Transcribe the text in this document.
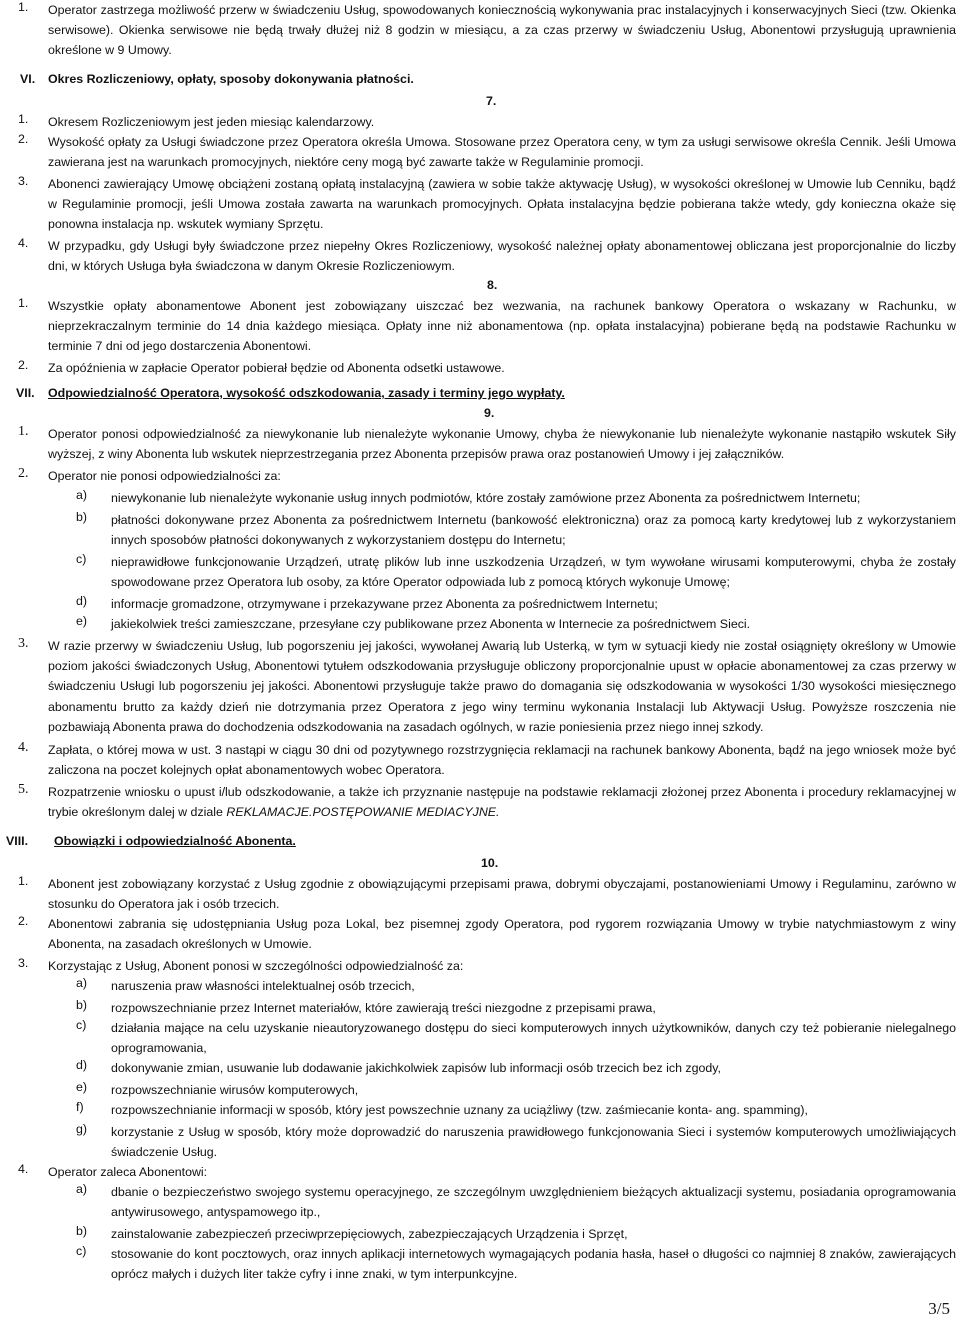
1.	Operator zastrzega możliwość przerw w świadczeniu Usług, spowodowanych koniecznością wykonywania prac instalacyjnych i konserwacyjnych Sieci (tzw. Okienka serwisowe). Okienka serwisowe nie będą trwały dłużej niż 8 godzin w miesiącu, a za czas przerwy w świadczeniu Usług, Abonentowi przysługują uprawnienia określone w 9 Umowy.
VI. Okres Rozliczeniowy, opłaty, sposoby dokonywania płatności.
7.
1.	Okresem Rozliczeniowym jest jeden miesiąc kalendarzowy.
2.	Wysokość opłaty za Usługi świadczone przez Operatora określa Umowa. Stosowane przez Operatora ceny, w tym za usługi serwisowe określa Cennik. Jeśli Umowa zawierana jest na warunkach promocyjnych, niektóre ceny mogą być zawarte także w Regulaminie promocji.
3.	Abonenci zawierający Umowę obciążeni zostaną opłatą instalacyjną (zawiera w sobie także aktywację Usług), w wysokości określonej w Umowie lub Cenniku, bądź w Regulaminie promocji, jeśli Umowa została zawarta na warunkach promocyjnych. Opłata instalacyjna będzie pobierana także wtedy, gdy konieczna okaże się ponowna instalacja np. wskutek wymiany Sprzętu.
4.	W przypadku, gdy Usługi były świadczone przez niepełny Okres Rozliczeniowy, wysokość należnej opłaty abonamentowej obliczana jest proporcjonalnie do liczby dni, w których Usługa była świadczona w danym Okresie Rozliczeniowym.
8.
1.	Wszystkie opłaty abonamentowe Abonent jest zobowiązany uiszczać bez wezwania, na rachunek bankowy Operatora o wskazany w Rachunku, w nieprzekraczalnym terminie do 14 dnia każdego miesiąca. Opłaty inne niż abonamentowa (np. opłata instalacyjna) pobierane będą na podstawie Rachunku w terminie 7 dni od jego dostarczenia Abonentowi.
2.	Za opóźnienia w zapłacie Operator pobierał będzie od Abonenta odsetki ustawowe.
VII. Odpowiedzialność Operatora, wysokość odszkodowania, zasady i terminy jego wypłaty.
9.
1.	Operator ponosi odpowiedzialność za niewykonanie lub nienależyte wykonanie Umowy, chyba że niewykonanie lub nienależyte wykonanie nastąpiło wskutek Siły wyższej, z winy Abonenta lub wskutek nieprzestrzegania przez Abonenta przepisów prawa oraz postanowień Umowy i jej załączników.
2.	Operator nie ponosi odpowiedzialności za:
a)	niewykonanie lub nienależyte wykonanie usług innych podmiotów, które zostały zamówione przez Abonenta za pośrednictwem Internetu;
b)	płatności dokonywane przez Abonenta za pośrednictwem Internetu (bankowość elektroniczna) oraz za pomocą karty kredytowej lub z wykorzystaniem innych sposobów płatności dokonywanych z wykorzystaniem dostępu do Internetu;
c)	nieprawidłowe funkcjonowanie Urządzeń, utratę plików lub inne uszkodzenia Urządzeń, w tym wywołane wirusami komputerowymi, chyba że zostały spowodowane przez Operatora lub osoby, za które Operator odpowiada lub z pomocą których wykonuje Umowę;
d)	informacje gromadzone, otrzymywane i przekazywane przez Abonenta za pośrednictwem Internetu;
e)	jakiekolwiek treści zamieszczane, przesyłane czy publikowane przez Abonenta w Internecie za pośrednictwem Sieci.
3.	W razie przerwy w świadczeniu Usług, lub pogorszeniu jej jakości, wywołanej Awarią lub Usterką, w tym w sytuacji kiedy nie został osiągnięty określony w Umowie poziom jakości świadczonych Usług, Abonentowi tytułem odszkodowania przysługuje obliczony proporcjonalnie upust w opłacie abonamentowej za czas przerwy w świadczeniu Usługi lub pogorszeniu jej jakości. Abonentowi przysługuje także prawo do domagania się odszkodowania w wysokości 1/30 wysokości miesięcznego abonamentu brutto za każdy dzień nie dotrzymania przez Operatora z jego winy terminu wykonania Instalacji lub Aktywacji Usług. Powyższe roszczenia nie pozbawiają Abonenta prawa do dochodzenia odszkodowania na zasadach ogólnych, w razie poniesienia przez niego innej szkody.
4.	Zapłata, o której mowa w ust. 3 nastąpi w ciągu 30 dni od pozytywnego rozstrzygnięcia reklamacji na rachunek bankowy Abonenta, bądź na jego wniosek może być zaliczona na poczet kolejnych opłat abonamentowych wobec Operatora.
5.	Rozpatrzenie wniosku o upust i/lub odszkodowanie, a także ich przyznanie następuje na podstawie reklamacji złożonej przez Abonenta i procedury reklamacyjnej w trybie określonym dalej w dziale REKLAMACJE.POSTĘPOWANIE MEDIACYJNE.
VIII. Obowiązki i odpowiedzialność Abonenta.
10.
1.	Abonent jest zobowiązany korzystać z Usług zgodnie z obowiązującymi przepisami prawa, dobrymi obyczajami, postanowieniami Umowy i Regulaminu, zarówno w stosunku do Operatora jak i osób trzecich.
2.	Abonentowi zabrania się udostępniania Usług poza Lokal, bez pisemnej zgody Operatora, pod rygorem rozwiązania Umowy w trybie natychmiastowym z winy Abonenta, na zasadach określonych w Umowie.
3.	Korzystając z Usług, Abonent ponosi w szczególności odpowiedzialność za:
a)	naruszenia praw własności intelektualnej osób trzecich,
b)	rozpowszechnianie przez Internet materiałów, które zawierają treści niezgodne z przepisami prawa,
c)	działania mające na celu uzyskanie nieautoryzowanego dostępu do sieci komputerowych innych użytkowników, danych czy też pobieranie nielegalnego oprogramowania,
d)	dokonywanie zmian, usuwanie lub dodawanie jakichkolwiek zapisów lub informacji osób trzecich bez ich zgody,
e)	rozpowszechnianie wirusów komputerowych,
f)	rozpowszechnianie informacji w sposób, który jest powszechnie uznany za uciążliwy (tzw. zaśmiecanie konta- ang. spamming),
g)	korzystanie z Usług w sposób, który może doprowadzić do naruszenia prawidłowego funkcjonowania Sieci i systemów komputerowych umożliwiających świadczenie Usług.
4.	Operator zaleca Abonentowi:
a)	dbanie o bezpieczeństwo swojego systemu operacyjnego, ze szczególnym uwzględnieniem bieżących aktualizacji systemu, posiadania oprogramowania antywirusowego, antyspamowego itp.,
b)	zainstalowanie zabezpieczeń przeciwprzepięciowych, zabezpieczających Urządzenia i Sprzęt,
c)	stosowanie do kont pocztowych, oraz innych aplikacji internetowych wymagających podania hasła, haseł o długości co najmniej 8 znaków, zawierających oprócz małych i dużych liter także cyfry i inne znaki, w tym interpunkcyjne.
3/5
